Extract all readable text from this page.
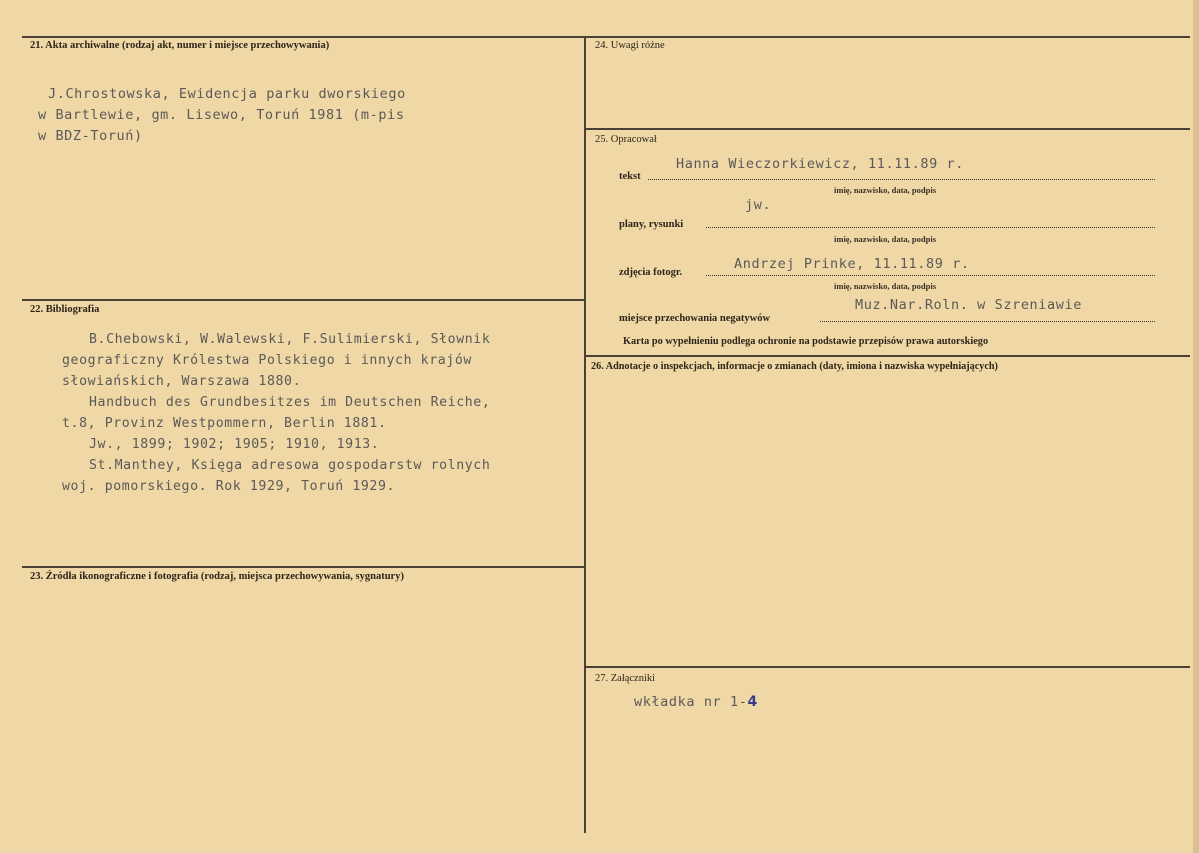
21. Akta archiwalne (rodzaj akt, numer i miejsce przechowywania)
J.Chrostowska, Ewidencja parku dworskiego
w Bartlewie, gm. Lisewo, Toruń 1981 (m-pis
w BDZ-Toruń)
22. Bibliografia
B.Chebowski, W.Walewski, F.Sulimierski, Słownik
geograficzny Królestwa Polskiego i innych krajów
słowiańskich, Warszawa 1880.
Handbuch des Grundbesitzes im Deutschen Reiche,
t.8, Provinz Westpommern, Berlin 1881.
Jw., 1899; 1902; 1905; 1910, 1913.
St.Manthey, Księga adresowa gospodarstw rolnych
woj. pomorskiego. Rok 1929, Toruń 1929.
23. Źródła ikonograficzne i fotografia (rodzaj, miejsca przechowywania, sygnatury)
24. Uwagi różne
25. Opracował
Hanna Wieczorkiewicz, 11.11.89 r.
tekst
imię, nazwisko, data, podpis
jw.
plany, rysunki
imię, nazwisko, data, podpis
Andrzej Prinke, 11.11.89 r.
zdjęcia fotogr.
imię, nazwisko, data, podpis
Muz.Nar.Roln. w Szreniawie
miejsce przechowania negatywów
Karta po wypełnieniu podlega ochronie na podstawie przepisów prawa autorskiego
26. Adnotacje o inspekcjach, informacje o zmianach (daty, imiona i nazwiska wypełniających)
27. Załączniki
wkładka nr 1-4
